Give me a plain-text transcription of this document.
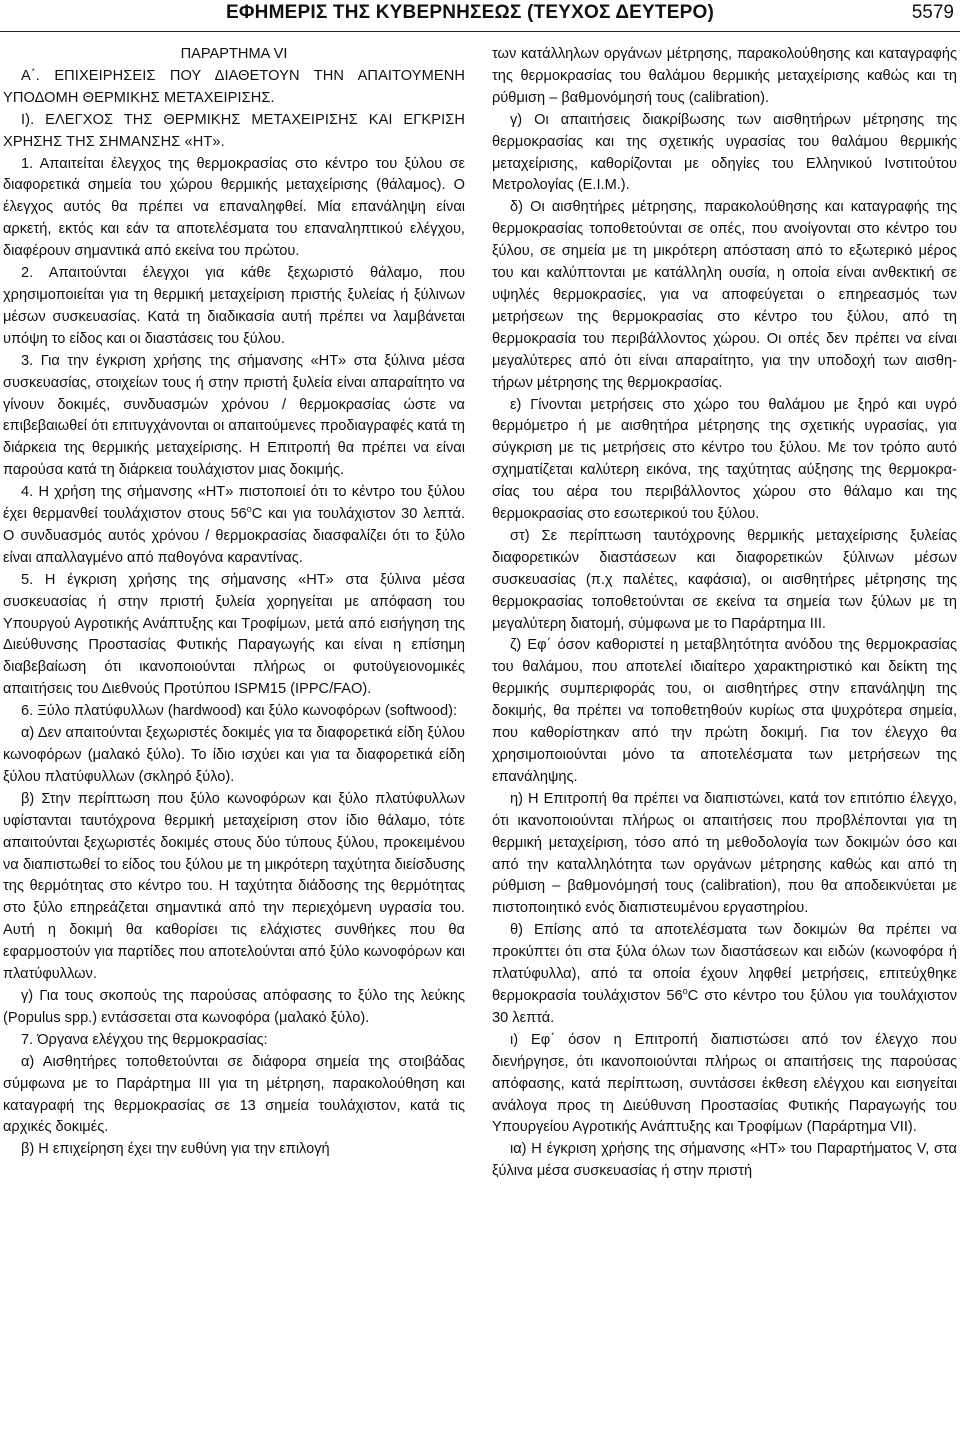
ΕΦΗΜΕΡΙΣ ΤΗΣ ΚΥΒΕΡΝΗΣΕΩΣ (ΤΕΥΧΟΣ ΔΕΥΤΕΡΟ)	5579

ΠΑΡΑΡΤΗΜΑ VI

Α΄. ΕΠΙΧΕΙΡΗΣΕΙΣ ΠΟΥ ΔΙΑΘΕΤΟΥΝ ΤΗΝ ΑΠΑΙΤΟΥΜΕΝΗ ΥΠΟΔΟΜΗ ΘΕΡΜΙΚΗΣ ΜΕΤΑΧΕΙΡΙΣΗΣ.

Ι). ΕΛΕΓΧΟΣ ΤΗΣ ΘΕΡΜΙΚΗΣ ΜΕΤΑΧΕΙΡΙΣΗΣ ΚΑΙ ΕΓΚΡΙΣΗ ΧΡΗΣΗΣ ΤΗΣ ΣΗΜΑΝΣΗΣ «ΗΤ».

1. Απαιτείται έλεγχος της θερμοκρασίας στο κέντρο του ξύλου σε διαφορετικά σημεία του χώρου θερμικής μεταχείρισης (θάλαμος). Ο έλεγχος αυτός θα πρέπει να επαναληφθεί. Μία επανάληψη είναι αρκετή, εκτός και εάν τα αποτελέσματα του επαναληπτικού ελέγχου, διαφέρουν σημαντικά από εκείνα του πρώτου.

2. Απαιτούνται έλεγχοι για κάθε ξεχωριστό θάλαμο, που χρησιμοποιείται για τη θερμική μεταχείριση πριστής ξυλείας ή ξύλινων μέσων συσκευασίας. Κατά τη διαδικασία αυτή πρέπει να λαμβάνεται υπόψη το είδος και οι διαστάσεις του ξύλου.

3. Για την έγκριση χρήσης της σήμανσης «HT» στα ξύλινα μέσα συσκευασίας, στοιχείων τους ή στην πριστή ξυλεία είναι απαραίτητο να γίνουν δοκιμές, συνδυασμών χρόνου / θερμοκρασίας ώστε να επιβεβαιωθεί ότι επιτυγχάνονται οι απαιτούμενες προδιαγραφές κατά τη διάρκεια της θερμικής μεταχείρισης. Η Επιτροπή θα πρέπει να είναι παρούσα κατά τη διάρκεια τουλάχιστον μιας δοκιμής.

4. Η χρήση της σήμανσης «HT» πιστοποιεί ότι το κέντρο του ξύλου έχει θερμανθεί τουλάχιστον στους 56$^o$C και για τουλάχιστον 30 λεπτά. Ο συνδυασμός αυτός χρόνου / θερμοκρασίας διασφαλίζει ότι το ξύλο είναι απαλλαγμένο από παθογόνα καραντίνας.

5. Η έγκριση χρήσης της σήμανσης «HT» στα ξύλινα μέσα συσκευασίας ή στην πριστή ξυλεία χορηγείται με απόφαση του Υπουργού Αγροτικής Ανάπτυξης και Τροφίμων, μετά από εισήγηση της Διεύθυνσης Προστασίας Φυτικής Παραγωγής και είναι η επίσημη διαβεβαίωση ότι ικανοποιούνται πλήρως οι φυτοϋγειονομικές απαιτήσεις του Διεθνούς Προτύπου ISPM15 (IPPC/FAO).

6. Ξύλο πλατύφυλλων (hardwood) και ξύλο κωνοφόρων (softwood):

α) Δεν απαιτούνται ξεχωριστές δοκιμές για τα διαφορετικά είδη ξύλου κωνοφόρων (μαλακό ξύλο). Το ίδιο ισχύει και για τα διαφορετικά είδη ξύλου πλατύφυλλων (σκληρό ξύλο).

β) Στην περίπτωση που ξύλο κωνοφόρων και ξύλο πλατύφυλλων υφίστανται ταυτόχρονα θερμική μεταχείριση στον ίδιο θάλαμο, τότε απαιτούνται ξεχωριστές δοκιμές στους δύο τύπους ξύλου, προκειμένου να διαπιστωθεί το είδος του ξύλου με τη μικρότερη ταχύτητα διείσδυσης της θερμότητας στο κέντρο του. Η ταχύτητα διάδοσης της θερμότητας στο ξύλο επηρεάζεται σημαντικά από την περιεχόμενη υγρασία του. Αυτή η δοκιμή θα καθορίσει τις ελάχιστες συνθήκες που θα εφαρμοστούν για παρτίδες που αποτελούνται από ξύλο κωνοφόρων και πλατύφυλλων.

γ) Για τους σκοπούς της παρούσας απόφασης το ξύλο της λεύκης (Populus spp.) εντάσσεται στα κωνοφόρα (μαλακό ξύλο).

7. Όργανα ελέγχου της θερμοκρασίας:

α) Αισθητήρες τοποθετούνται σε διάφορα σημεία της στοιβάδας σύμφωνα με το Παράρτημα ΙΙΙ για τη μέτρηση, παρακολούθηση και καταγραφή της θερμοκρασίας σε 13 σημεία τουλάχιστον, κατά τις αρχικές δοκιμές.

β) Η επιχείρηση έχει την ευθύνη για την επιλογή

των κατάλληλων οργάνων μέτρησης, παρακολούθησης και καταγραφής της θερμοκρασίας του θαλάμου θερμικής μεταχείρισης καθώς και τη ρύθμιση – βαθμονόμησή τους (calibration).

γ) Οι απαιτήσεις διακρίβωσης των αισθητήρων μέτρησης της θερμοκρασίας και της σχετικής υγρασίας του θαλάμου θερμικής μεταχείρισης, καθορίζονται με οδηγίες του Ελληνικού Ινστιτούτου Μετρολογίας (Ε.Ι.Μ.).

δ) Οι αισθητήρες μέτρησης, παρακολούθησης και καταγραφής της θερμοκρασίας τοποθετούνται σε οπές, που ανοίγονται στο κέντρο του ξύλου, σε σημεία με τη μικρότερη απόσταση από το εξωτερικό μέρος του και καλύπτονται με κατάλληλη ουσία, η οποία είναι ανθεκτική σε υψηλές θερμοκρασίες, για να αποφεύγεται ο επηρεασμός των μετρήσεων της θερμοκρασίας στο κέντρο του ξύλου, από τη θερμοκρασία του περιβάλλοντος χώρου. Οι οπές δεν πρέπει να είναι μεγαλύτερες από ότι είναι απαραίτητο, για την υποδοχή των αισθητήρων μέτρησης της θερμοκρασίας.

ε) Γίνονται μετρήσεις στο χώρο του θαλάμου με ξηρό και υγρό θερμόμετρο ή με αισθητήρα μέτρησης της σχετικής υγρασίας, για σύγκριση με τις μετρήσεις στο κέντρο του ξύλου. Με τον τρόπο αυτό σχηματίζεται καλύτερη εικόνα, της ταχύτητας αύξησης της θερμοκρασίας του αέρα του περιβάλλοντος χώρου στο θάλαμο και της θερμοκρασίας στο εσωτερικού του ξύλου.

στ) Σε περίπτωση ταυτόχρονης θερμικής μεταχείρισης ξυλείας διαφορετικών διαστάσεων και διαφορετικών ξύλινων μέσων συσκευασίας (π.χ παλέτες, καφάσια), οι αισθητήρες μέτρησης της θερμοκρασίας τοποθετούνται σε εκείνα τα σημεία των ξύλων με τη μεγαλύτερη διατομή, σύμφωνα με το Παράρτημα ΙΙΙ.

ζ) Εφ΄ όσον καθοριστεί η μεταβλητότητα ανόδου της θερμοκρασίας του θαλάμου, που αποτελεί ιδιαίτερο χαρακτηριστικό και δείκτη της θερμικής συμπεριφοράς του, οι αισθητήρες στην επανάληψη της δοκιμής, θα πρέπει να τοποθετηθούν κυρίως στα ψυχρότερα σημεία, που καθορίστηκαν από την πρώτη δοκιμή. Για τον έλεγχο θα χρησιμοποιούνται μόνο τα αποτελέσματα των μετρήσεων της επανάληψης.

η) Η Επιτροπή θα πρέπει να διαπιστώνει, κατά τον επιτόπιο έλεγχο, ότι ικανοποιούνται πλήρως οι απαιτήσεις που προβλέπονται για τη θερμική μεταχείριση, τόσο από τη μεθοδολογία των δοκιμών όσο και από την καταλληλότητα των οργάνων μέτρησης καθώς και από τη ρύθμιση – βαθμονόμησή τους (calibration), που θα αποδεικνύεται με πιστοποιητικό ενός διαπιστευμένου εργαστηρίου.

θ) Επίσης από τα αποτελέσματα των δοκιμών θα πρέπει να προκύπτει ότι στα ξύλα όλων των διαστάσεων και ειδών (κωνοφόρα ή πλατύφυλλα), από τα οποία έχουν ληφθεί μετρήσεις, επιτεύχθηκε θερμοκρασία τουλάχιστον 56$^o$C στο κέντρο του ξύλου για τουλάχιστον 30 λεπτά.

ι) Εφ΄ όσον η Επιτροπή διαπιστώσει από τον έλεγχο που διενήργησε, ότι ικανοποιούνται πλήρως οι απαιτήσεις της παρούσας απόφασης, κατά περίπτωση, συντάσσει έκθεση ελέγχου και εισηγείται ανάλογα προς τη Διεύθυνση Προστασίας Φυτικής Παραγωγής του Υπουργείου Αγροτικής Ανάπτυξης και Τροφίμων (Παράρτημα VII).

ια) Η έγκριση χρήσης της σήμανσης «HT» του Παραρτήματος V, στα ξύλινα μέσα συσκευασίας ή στην πριστή
